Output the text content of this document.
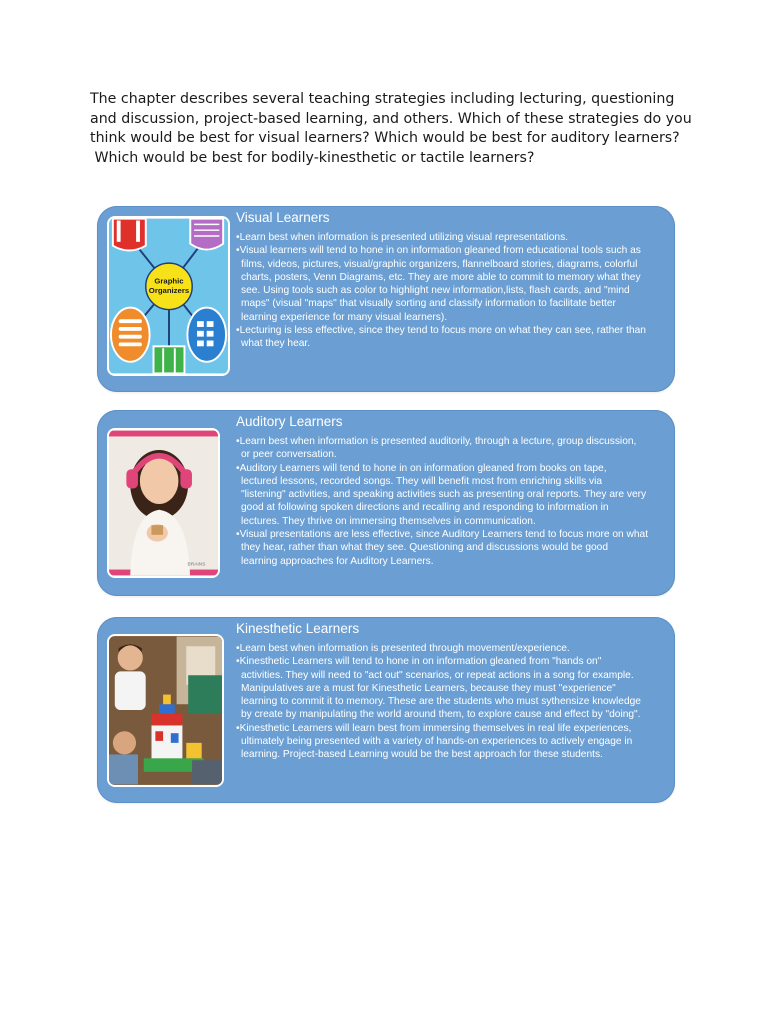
The chapter describes several teaching strategies including lecturing, questioning
and discussion, project-based learning, and others. Which of these strategies do you
think would be best for visual learners? Which would be best for auditory learners?
Which would be best for bodily-kinesthetic or tactile learners?
Graphic
Organizers
Visual Learners
•Learn best when information is presented utilizing visual representations.
•Visual learners will tend to hone in on information gleaned from educational tools such as
films, videos, pictures, visual/graphic organizers, flannelboard stories, diagrams, colorful
charts, posters, Venn Diagrams, etc. They are more able to commit to memory what they
see. Using tools such as color to highlight new information,lists, flash cards, and "mind
maps" (visual "maps" that visually sorting and classify information to facilitate better
learning experience for many visual learners).
•Lecturing is less effective, since they tend to focus more on what they can see, rather than
what they hear.
BRAINS
Auditory Learners
•Learn best when information is presented auditorily, through a lecture, group discussion,
or peer conversation.
•Auditory Learners will tend to hone in on information gleaned from books on tape,
lectured lessons, recorded songs. They will benefit most from enriching skills via
"listening" activities, and speaking activities such as presenting oral reports. They are very
good at following spoken directions and recalling and responding to information in
lectures. They thrive on immersing themselves in communication.
•Visual presentations are less effective, since Auditory Learners tend to focus more on what
they hear, rather than what they see. Questioning and discussions would be good
learning approaches for Auditory Learners.
Kinesthetic Learners
•Learn best when information is presented through movement/experience.
•Kinesthetic Learners will tend to hone in on information gleaned from "hands on"
activities. They will need to "act out" scenarios, or repeat actions in a song for example.
Manipulatives are a must for Kinesthetic Learners, because they must "experience"
learning to commit it to memory. These are the students who must sythensize knowledge
by create by manipulating the world around them, to explore cause and effect by "doing".
•Kinesthetic Learners will learn best from immersing themselves in real life experiences,
ultimately being presented with a variety of hands-on experiences to actively engage in
learning. Project-based Learning would be the best approach for these students.
